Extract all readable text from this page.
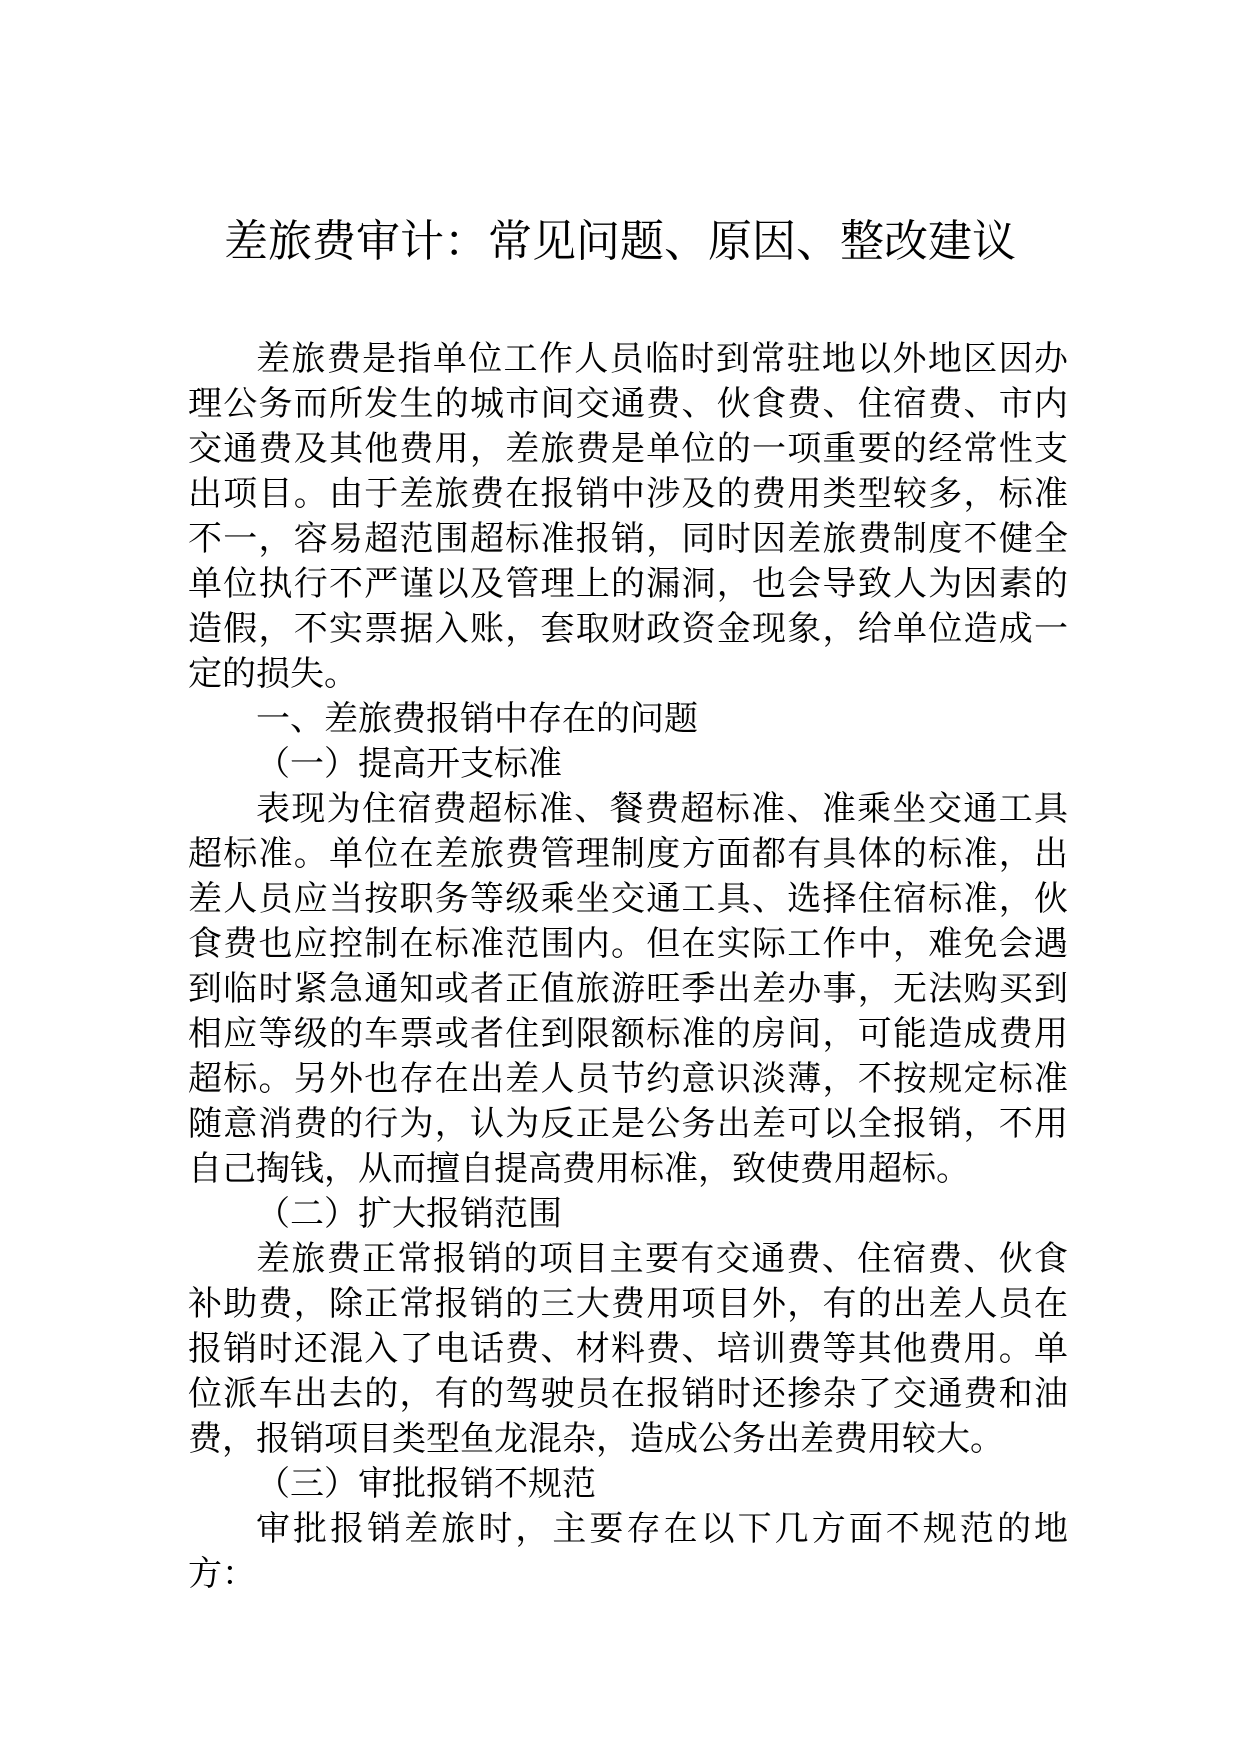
差旅费审计：常见问题、原因、整改建议

差旅费是指单位工作人员临时到常驻地以外地区因办理公务而所发生的城市间交通费、伙食费、住宿费、市内交通费及其他费用，差旅费是单位的一项重要的经常性支出项目。由于差旅费在报销中涉及的费用类型较多，标准不一，容易超范围超标准报销，同时因差旅费制度不健全单位执行不严谨以及管理上的漏洞，也会导致人为因素的造假，不实票据入账，套取财政资金现象，给单位造成一定的损失。

一、差旅费报销中存在的问题

（一）提高开支标准

表现为住宿费超标准、餐费超标准、准乘坐交通工具超标准。单位在差旅费管理制度方面都有具体的标准，出差人员应当按职务等级乘坐交通工具、选择住宿标准，伙食费也应控制在标准范围内。但在实际工作中，难免会遇到临时紧急通知或者正值旅游旺季出差办事，无法购买到相应等级的车票或者住到限额标准的房间，可能造成费用超标。另外也存在出差人员节约意识淡薄，不按规定标准随意消费的行为，认为反正是公务出差可以全报销，不用自己掏钱，从而擅自提高费用标准，致使费用超标。

（二）扩大报销范围

差旅费正常报销的项目主要有交通费、住宿费、伙食补助费，除正常报销的三大费用项目外，有的出差人员在报销时还混入了电话费、材料费、培训费等其他费用。单位派车出去的，有的驾驶员在报销时还掺杂了交通费和油费，报销项目类型鱼龙混杂，造成公务出差费用较大。

（三）审批报销不规范

审批报销差旅时，主要存在以下几方面不规范的地方：
